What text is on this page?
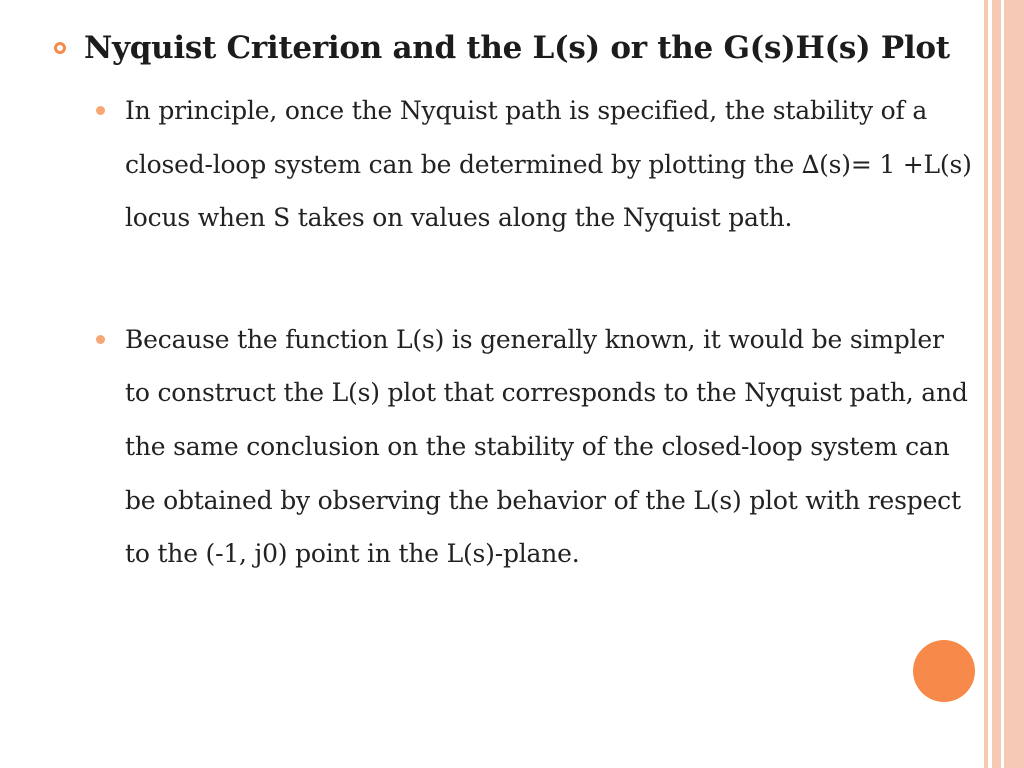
Nyquist Criterion and the L(s) or the G(s)H(s) Plot
In principle, once the Nyquist path is specified, the stability of a closed-loop system can be determined by plotting the ∆(s)= 1 +L(s) locus when S takes on values along the Nyquist path.
Because the function L(s) is generally known, it would be simpler to construct the L(s) plot that corresponds to the Nyquist path, and the same conclusion on the stability of the closed-loop system can be obtained by observing the behavior of the L(s) plot with respect to the (-1, j0) point in the L(s)-plane.
